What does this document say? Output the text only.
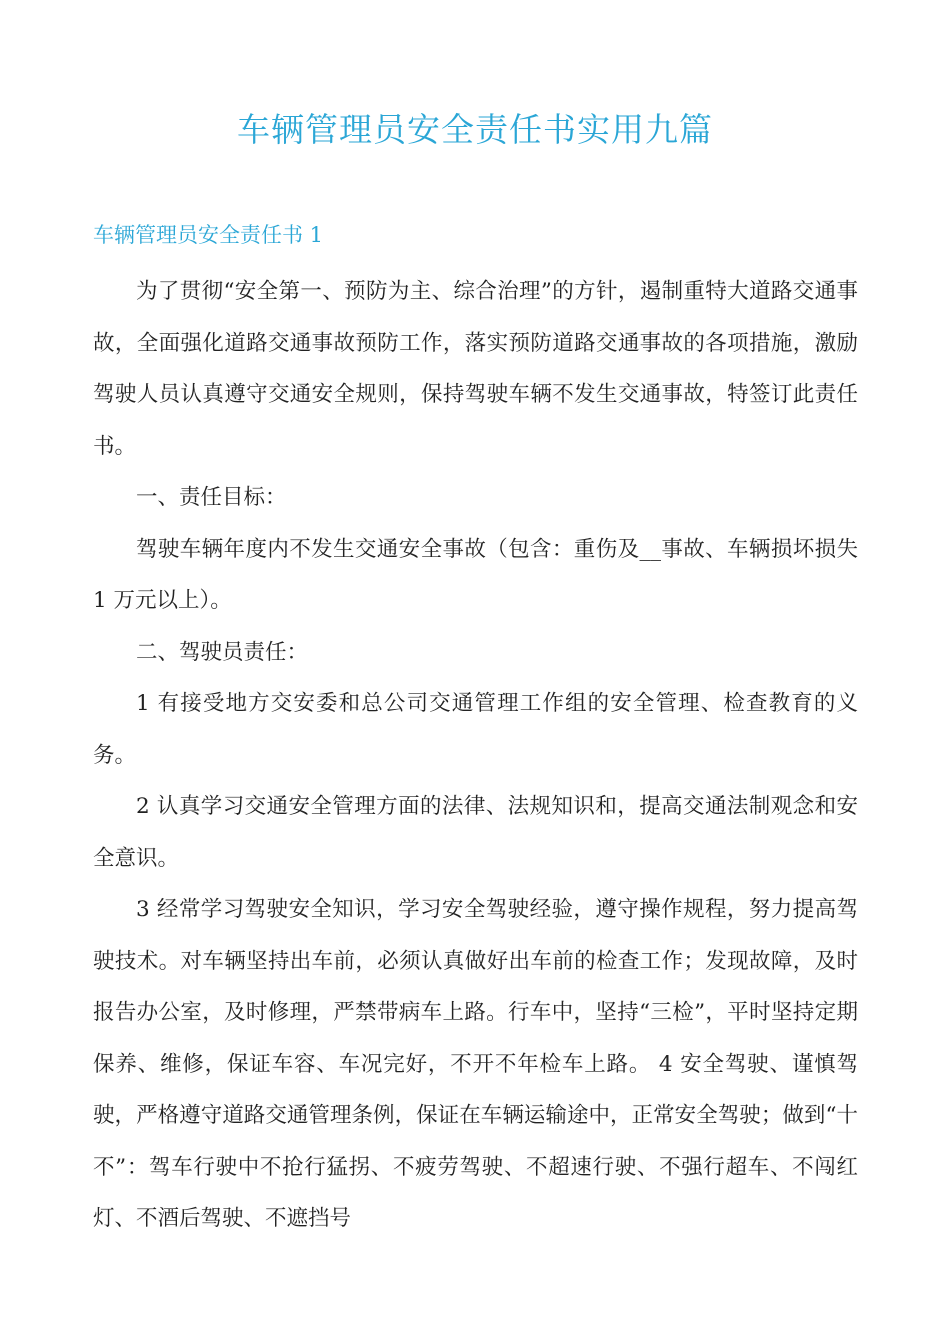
车辆管理员安全责任书实用九篇
车辆管理员安全责任书 1

为了贯彻“安全第一、预防为主、综合治理”的方针，遏制重特大道路交通事故，全面强化道路交通事故预防工作，落实预防道路交通事故的各项措施，激励驾驶人员认真遵守交通安全规则，保持驾驶车辆不发生交通事故，特签订此责任书。

一、责任目标：

驾驶车辆年度内不发生交通安全事故（包含：重伤及__事故、车辆损坏损失 1 万元以上）。

二、驾驶员责任：

1 有接受地方交安委和总公司交通管理工作组的安全管理、检查教育的义务。

2 认真学习交通安全管理方面的法律、法规知识和，提高交通法制观念和安全意识。

3 经常学习驾驶安全知识，学习安全驾驶经验，遵守操作规程，努力提高驾驶技术。对车辆坚持出车前，必须认真做好出车前的检查工作；发现故障，及时报告办公室，及时修理，严禁带病车上路。行车中，坚持“三检”，平时坚持定期保养、维修，保证车容、车况完好，不开不年检车上路。 4 安全驾驶、谨慎驾驶，严格遵守道路交通管理条例，保证在车辆运输途中，正常安全驾驶；做到“十不”：驾车行驶中不抢行猛拐、不疲劳驾驶、不超速行驶、不强行超车、不闯红灯、不酒后驾驶、不遮挡号
